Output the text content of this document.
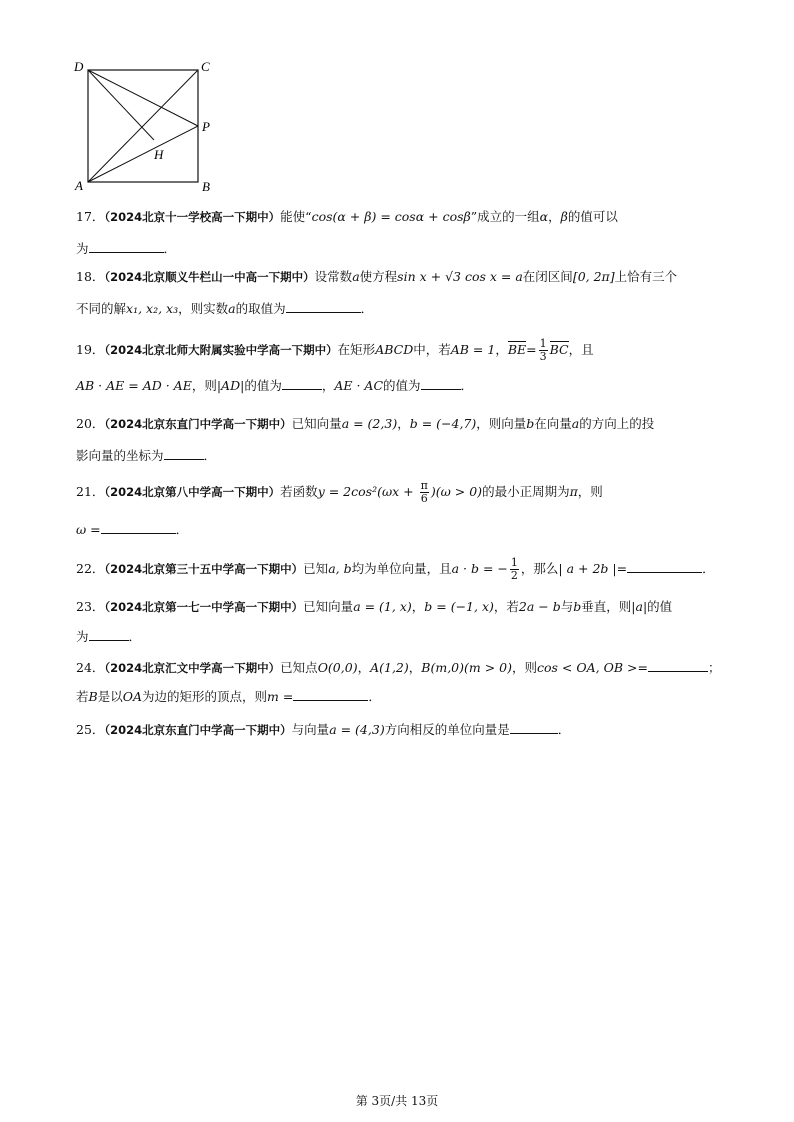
D	C
P
H
A	B
17．（2024北京十一学校高一下期中）能使“cos(α + β) = cosα + cosβ”成立的一组α，β的值可以
为	．
18．（2024北京顺义牛栏山一中高一下期中）设常数a使方程sin x + √3 cos x = a在闭区间[0, 2π]上恰有三个
不同的解x₁, x₂, x₃，则实数a的取值为	．
19．（2024北京北师大附属实验中学高一下期中）在矩形ABCD中，若AB = 1，$BE= \frac{1}{3}$ BC，且
AB · AE = AD · AE，则|AD|的值为	，AE · AC的值为	．
20．（2024北京东直门中学高一下期中）已知向量a = (2,3)，b = (−4,7)，则向量b在向量a的方向上的投
影向量的坐标为	．
21．（2024北京第八中学高一下期中）若函数$y = 2\cos^2(\omega x + \frac{\pi}{6} )(\omega > 0)$的最小正周期为π，则
ω =	．
22．（2024北京第三十五中学高一下期中）已知a, b均为单位向量，且a · b = − $\frac{1}{2}$ ，那么| a + 2b |=	．
23．（2024北京第一七一中学高一下期中）已知向量a = (1, x)，b = (−1, x)，若2a − b与b垂直，则|a|的值
为	．
24．（2024北京汇文中学高一下期中）已知点O(0,0)，A(1,2)，B(m,0)(m > 0)，则cos < OA, OB >=	；
若B是以OA为边的矩形的顶点，则m =	．
25．（2024北京东直门中学高一下期中）与向量a = (4,3)方向相反的单位向量是	．
第 3页/共 13页
